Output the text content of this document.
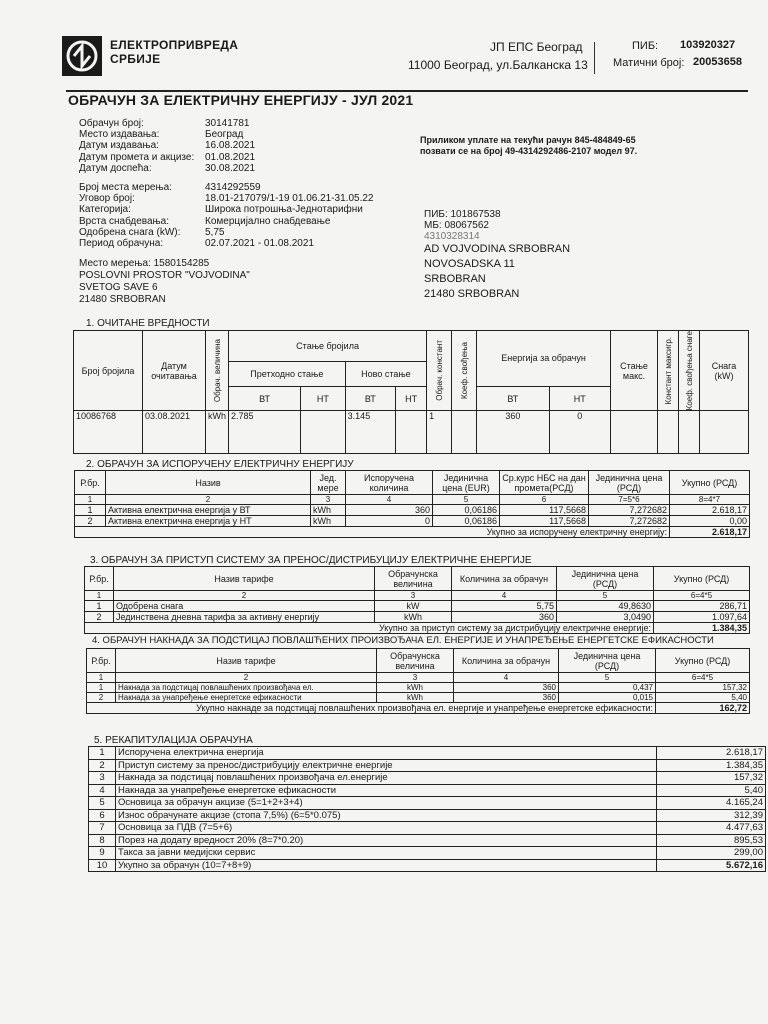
ЕЛЕКТРОПРИВРЕДА
СРБИЈЕ
ЈП ЕПС Београд
11000 Београд, ул.Балканска 13
ПИБ: 103920327
Матични број: 20053658
ОБРАЧУН ЗА ЕЛЕКТРИЧНУ ЕНЕРГИЈУ - ЈУЛ 2021
Обрачун број:	30141781
Место издавања:	Београд
Датум издавања:	16.08.2021
Датум промета и акцизе:	01.08.2021
Датум доспећа:	30.08.2021
Број места мерења:	4314292559
Уговор број:	18.01-217079/1-19 01.06.21-31.05.22
Категорија:	Широка потрошња-Једнотарифни
Врста снабдевања:	Комерцијално снабдевање
Одобрена снага (kW):	5,75
Период обрачуна:	02.07.2021 - 01.08.2021
Приликом уплате на текући рачун 845-484849-65
позвати се на број 49-4314292486-2107 модел 97.
ПИБ: 101867538
МБ: 08067562
4310328314
AD VOJVODINA SRBOBRAN
NOVOSADSKA 11
SRBOBRAN
21480 SRBOBRAN
Место мерења: 1580154285
POSLOVNI PROSTOR "VOJVODINA"
SVETOG SAVE 6
21480 SRBOBRAN
1. ОЧИТАНЕ ВРЕДНОСТИ
Број бројила	Датум очитавања	Обрач. величина	Стање бројила				Обрач. констант	Коеф. свођења	Енергија за обрачун		Стање макс.	Констант максигр.	Коеф. свођења снаге	Снага (kW)
			Претходно стање		Ново стање									
			ВТ	НТ	ВТ	НТ			ВТ	НТ				
10086768	03.08.2021	kWh	2.785		3.145		1		360	0				
2. ОБРАЧУН ЗА ИСПОРУЧЕНУ ЕЛЕКТРИЧНУ ЕНЕРГИЈУ
Р.бр.	Назив	Јед. мере	Испоручена количина	Јединична цена (EUR)	Ср.курс НБС на дан промета(РСД)	Јединична цена (РСД)	Укупно (РСД)
1	2	3	4	5	6	7=5*6	8=4*7
1	Активна електрична енергија у ВТ	kWh	360	0,06186	117,5668	7,272682	2.618,17
2	Активна електрична енергија у НТ	kWh	0	0,06186	117,5668	7,272682	0,00
Укупно за испоручену електричну енергију:							2.618,17
3. ОБРАЧУН ЗА ПРИСТУП СИСТЕМУ ЗА ПРЕНОС/ДИСТРИБУЦИЈУ ЕЛЕКТРИЧНЕ ЕНЕРГИЈЕ
Р.бр.	Назив тарифе	Обрачунска величина	Количина за обрачун	Јединична цена (РСД)	Укупно (РСД)
1	2	3	4	5	6=4*5
1	Одобрена снага	kW	5,75	49,8630	286,71
2	Јединствена дневна тарифа за активну енергију	kWh	360	3,0490	1.097,64
Укупно за приступ систему за дистрибуцију електричне енергије:					1.384,35
4. ОБРАЧУН НАКНАДА ЗА ПОДСТИЦАЈ ПОВЛАШЋЕНИХ ПРОИЗВОЂАЧА ЕЛ. ЕНЕРГИЈЕ И УНАПРЕЂЕЊЕ ЕНЕРГЕТСКЕ ЕФИКАСНОСТИ
Р.бр.	Назив тарифе	Обрачунска величина	Количина за обрачун	Јединична цена (РСД)	Укупно (РСД)
1	2	3	4	5	6=4*5
1	Накнада за подстицај повлашћених произвођача ел.	kWh	360	0,437	157,32
2	Накнада за унапређење енергетске ефикасности	kWh	360	0,015	5,40
Укупно накнаде за подстицај повлашћених произвођача ел. енергије и унапређење енергетске ефикасности:					162,72
5. РЕКАПИТУЛАЦИЈА ОБРАЧУНА
1	Испоручена електрична енергија	2.618,17
2	Приступ систему за пренос/дистрибуцију електричне енергије	1.384,35
3	Накнада за подстицај повлашћених произвођача ел.енергије	157,32
4	Накнада за унапређење енергетске ефикасности	5,40
5	Основица за обрачун акцизе (5=1+2+3+4)	4.165,24
6	Износ обрачунате акцизе (стопа 7,5%) (6=5*0.075)	312,39
7	Основица за ПДВ (7=5+6)	4.477,63
8	Порез на додату вредност 20% (8=7*0.20)	895,53
9	Такса за јавни медијски сервис	299,00
10	Укупно за обрачун (10=7+8+9)	5.672,16
